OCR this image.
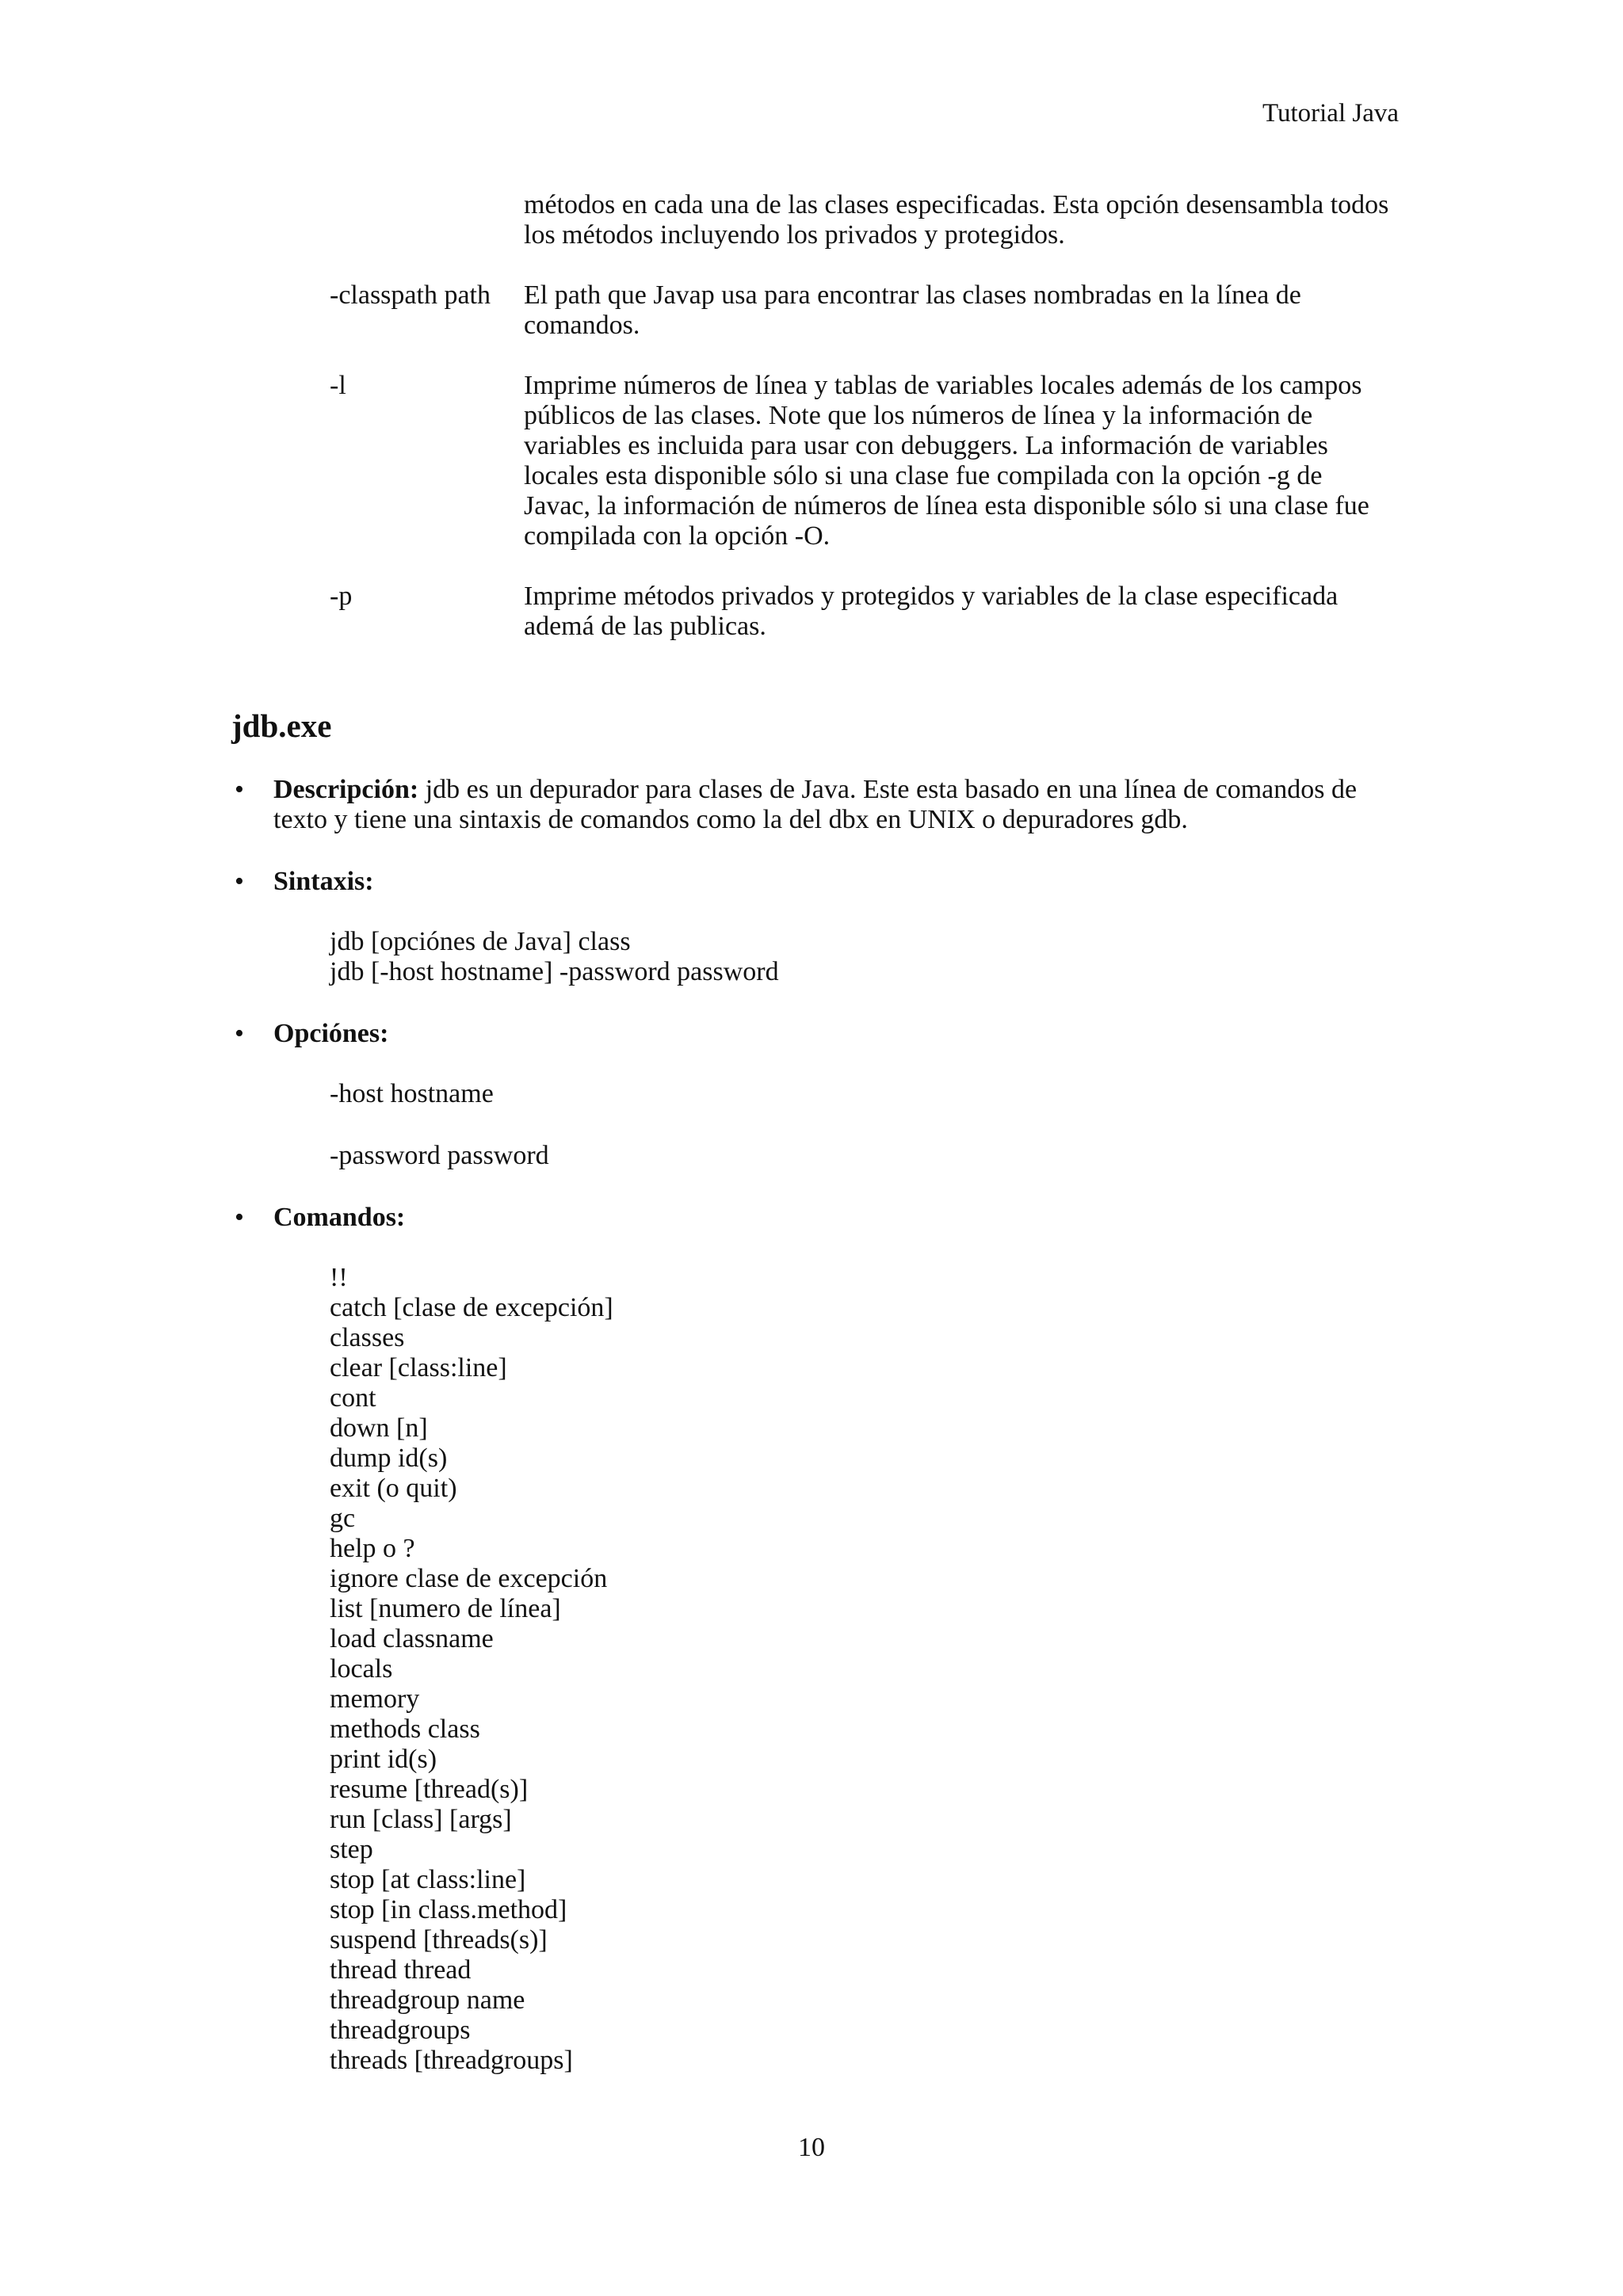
Tutorial Java
métodos en cada una de las clases especificadas. Esta opción desensambla todos los métodos incluyendo los privados y protegidos.
-classpath path	El path que Javap usa para encontrar las clases nombradas en la línea de comandos.
-l	Imprime números de línea y tablas de variables locales además de los campos públicos de las clases. Note que los números de línea y la información de variables es incluida para usar con debuggers. La información de variables locales esta disponible sólo si una clase fue compilada con la opción -g de Javac, la información de números de línea esta disponible sólo si una clase fue compilada con la opción -O.
-p	Imprime métodos privados y protegidos y variables de la clase especificada ademá de las publicas.
jdb.exe
• Descripción: jdb es un depurador para clases de Java. Este esta basado en una línea de comandos de texto y tiene una sintaxis de comandos como la del dbx en UNIX o depuradores gdb.
• Sintaxis:
jdb [opciónes de Java] class
jdb [-host hostname] -password password
• Opciónes:
-host hostname
-password password
• Comandos:
!!
catch [clase de excepción]
classes
clear [class:line]
cont
down [n]
dump id(s)
exit (o quit)
gc
help o ?
ignore clase de excepción
list [numero de línea]
load classname
locals
memory
methods class
print id(s)
resume [thread(s)]
run [class] [args]
step
stop [at class:line]
stop [in class.method]
suspend [threads(s)]
thread thread
threadgroup name
threadgroups
threads [threadgroups]
10
